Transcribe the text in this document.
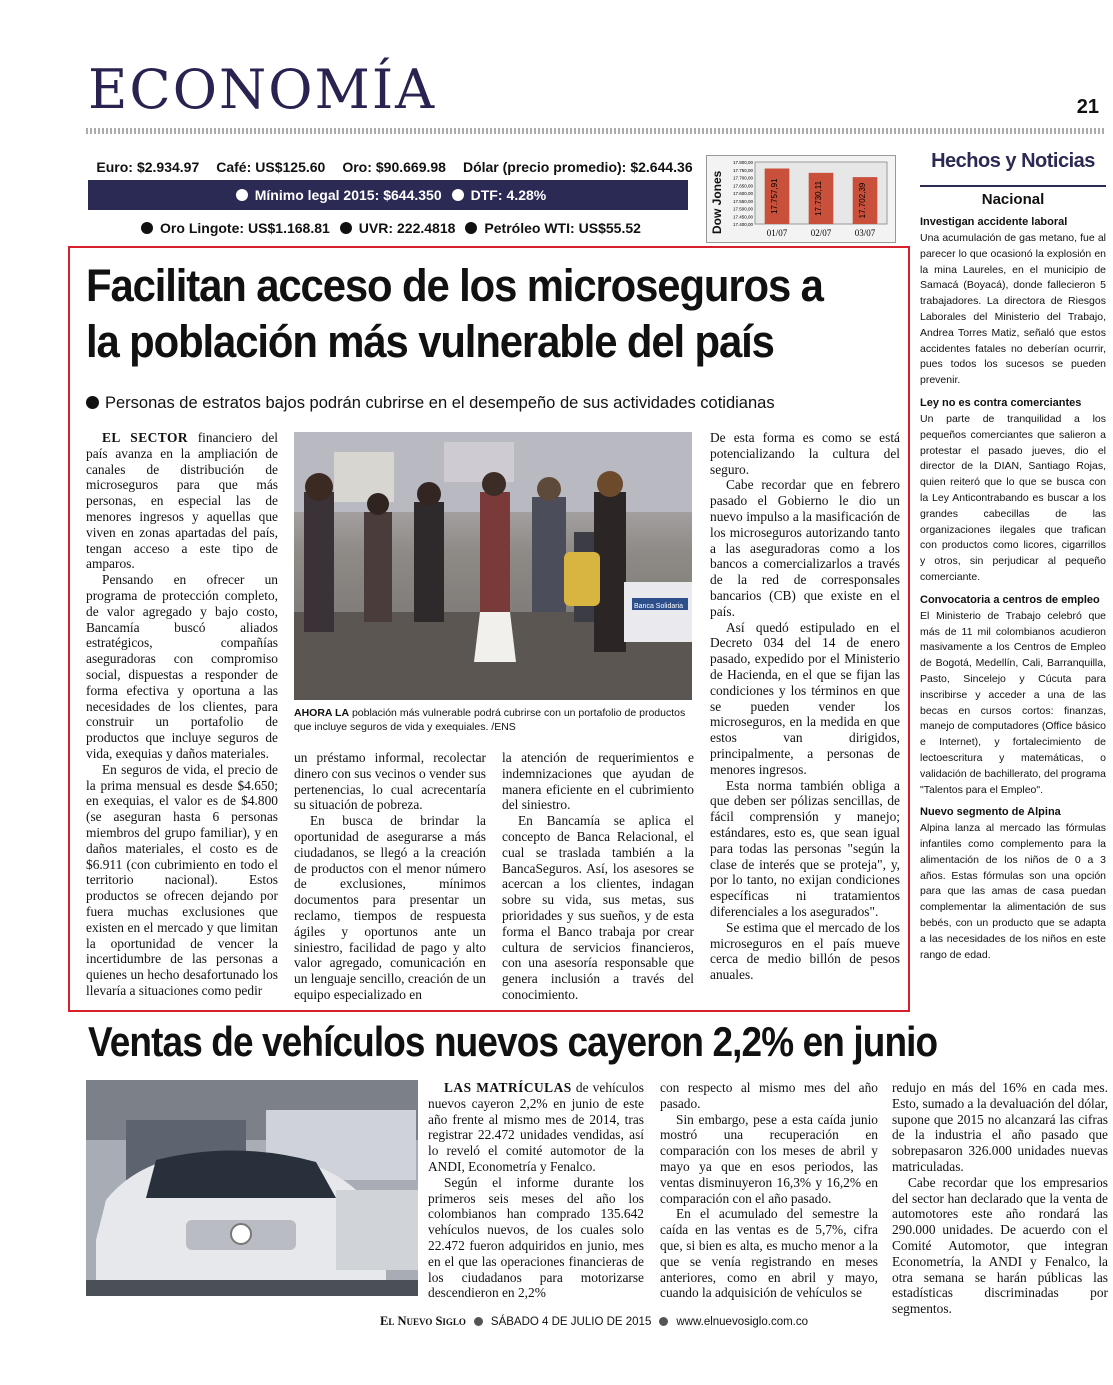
ECONOMÍA	21
Euro: $2.934.97 Café: US$125.60 Oro: $90.669.98 Dólar (precio promedio): $2.644.36
Mínimo legal 2015: $644.350 DTF: 4.28%
Oro Lingote: US$1.168.81 UVR: 222.4818 Petróleo WTI: US$55.52
17.800,00
17.750,00
17.700,00
17.650,00
17.600,00
17.550,00
17.500,00
17.450,00
17.400,00
17.757,91
01/07
17.730,11
02/07
17.702,39
03/07
Dow Jones
Hechos y Noticias
Nacional
Investigan accidente laboral

Una acumulación de gas metano, fue al parecer lo que ocasionó la explosión en la mina Laureles, en el municipio de Samacá (Boyacá), donde fallecieron 5 trabajadores. La directora de Riesgos Laborales del Ministerio del Trabajo, Andrea Torres Matiz, señaló que estos accidentes fatales no deberían ocurrir, pues todos los sucesos se pueden prevenir.

Ley no es contra comerciantes

Un parte de tranquilidad a los pequeños comerciantes que salieron a protestar el pasado jueves, dio el director de la DIAN, Santiago Rojas, quien reiteró que lo que se busca con la Ley Anticontrabando es buscar a los grandes cabecillas de las organizaciones ilegales que trafican con productos como licores, cigarrillos y otros, sin perjudicar al pequeño comerciante.

Convocatoria a centros de empleo

El Ministerio de Trabajo celebró que más de 11 mil colombianos acudieron masivamente a los Centros de Empleo de Bogotá, Medellín, Cali, Barranquilla, Pasto, Sincelejo y Cúcuta para inscribirse y acceder a una de las becas en cursos cortos: finanzas, manejo de computadores (Office básico e Internet), y fortalecimiento de lectoescritura y matemáticas, o validación de bachillerato, del programa "Talentos para el Empleo".

Nuevo segmento de Alpina

Alpina lanza al mercado las fórmulas infantiles como complemento para la alimentación de los niños de 0 a 3 años. Estas fórmulas son una opción para que las amas de casa puedan complementar la alimentación de sus bebés, con un producto que se adapta a las necesidades de los niños en este rango de edad.

Facilitan acceso de los microseguros a la población más vulnerable del país
Personas de estratos bajos podrán cubrirse en el desempeño de sus actividades cotidianas

EL SECTOR financiero del país avanza en la ampliación de canales de distribución de microseguros para que más personas, en especial las de menores ingresos y aquellas que viven en zonas apartadas del país, tengan acceso a este tipo de amparos.

Pensando en ofrecer un programa de protección completo, de valor agregado y bajo costo, Bancamía buscó aliados estratégicos, compañías aseguradoras con compromiso social, dispuestas a responder de forma efectiva y oportuna a las necesidades de los clientes, para construir un portafolio de productos que incluye seguros de vida, exequias y daños materiales.

En seguros de vida, el precio de la prima mensual es desde $4.650; en exequias, el valor es de $4.800 (se aseguran hasta 6 personas miembros del grupo familiar), y en daños materiales, el costo es de $6.911 (con cubrimiento en todo el territorio nacional). Estos productos se ofrecen dejando por fuera muchas exclusiones que existen en el mercado y que limitan la oportunidad de vencer la incertidumbre de las personas a quienes un hecho desafortunado los llevaría a situaciones como pedir

Banca Solidaria
AHORA LA población más vulnerable podrá cubrirse con un portafolio de productos que incluye seguros de vida y exequiales. /ENS

un préstamo informal, recolectar dinero con sus vecinos o vender sus pertenencias, lo cual acrecentaría su situación de pobreza.

En busca de brindar la oportunidad de asegurarse a más ciudadanos, se llegó a la creación de productos con el menor número de exclusiones, mínimos documentos para presentar un reclamo, tiempos de respuesta ágiles y oportunos ante un siniestro, facilidad de pago y alto valor agregado, comunicación en un lenguaje sencillo, creación de un equipo especializado en

la atención de requerimientos e indemnizaciones que ayudan de manera eficiente en el cubrimiento del siniestro.

En Bancamía se aplica el concepto de Banca Relacional, el cual se traslada también a la BancaSeguros. Así, los asesores se acercan a los clientes, indagan sobre su vida, sus metas, sus prioridades y sus sueños, y de esta forma el Banco trabaja por crear cultura de servicios financieros, con una asesoría responsable que genera inclusión a través del conocimiento.

De esta forma es como se está potencializando la cultura del seguro.

Cabe recordar que en febrero pasado el Gobierno le dio un nuevo impulso a la masificación de los microseguros autorizando tanto a las aseguradoras como a los bancos a comercializarlos a través de la red de corresponsales bancarios (CB) que existe en el país.

Así quedó estipulado en el Decreto 034 del 14 de enero pasado, expedido por el Ministerio de Hacienda, en el que se fijan las condiciones y los términos en que se pueden vender los microseguros, en la medida en que estos van dirigidos, principalmente, a personas de menores ingresos.

Esta norma también obliga a que deben ser pólizas sencillas, de fácil comprensión y manejo; estándares, esto es, que sean igual para todas las personas "según la clase de interés que se proteja", y, por lo tanto, no exijan condiciones específicas ni tratamientos diferenciales a los asegurados".

Se estima que el mercado de los microseguros en el país mueve cerca de medio billón de pesos anuales.

Ventas de vehículos nuevos cayeron 2,2% en junio

LAS MATRÍCULAS de vehículos nuevos cayeron 2,2% en junio de este año frente al mismo mes de 2014, tras registrar 22.472 unidades vendidas, así lo reveló el comité automotor de la ANDI, Econometría y Fenalco.

Según el informe durante los primeros seis meses del año los colombianos han comprado 135.642 vehículos nuevos, de los cuales solo 22.472 fueron adquiridos en junio, mes en el que las operaciones financieras de los ciudadanos para motorizarse descendieron en 2,2%

con respecto al mismo mes del año pasado.

Sin embargo, pese a esta caída junio mostró una recuperación en comparación con los meses de abril y mayo ya que en esos periodos, las ventas disminuyeron 16,3% y 16,2% en comparación con el año pasado.

En el acumulado del semestre la caída en las ventas es de 5,7%, cifra que, si bien es alta, es mucho menor a la que se venía registrando en meses anteriores, como en abril y mayo, cuando la adquisición de vehículos se

redujo en más del 16% en cada mes. Esto, sumado a la devaluación del dólar, supone que 2015 no alcanzará las cifras de la industria el año pasado que sobrepasaron 326.000 unidades nuevas matriculadas.

Cabe recordar que los empresarios del sector han declarado que la venta de automotores este año rondará las 290.000 unidades. De acuerdo con el Comité Automotor, que integran Econometría, la ANDI y Fenalco, la otra semana se harán públicas las estadísticas discriminadas por segmentos.

El Nuevo Siglo SÁBADO 4 DE JULIO DE 2015 www.elnuevosiglo.com.co
